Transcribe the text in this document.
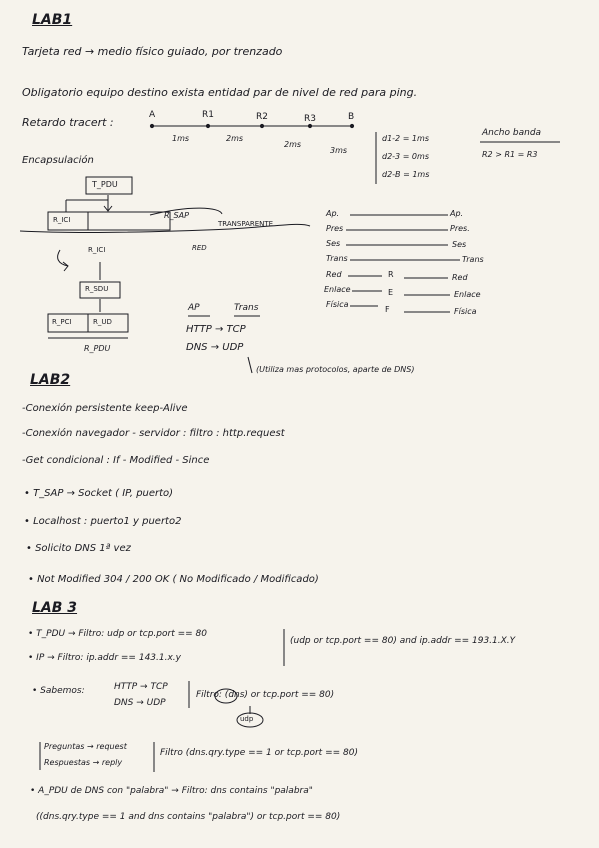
LAB1
Tarjeta red → medio físico guiado, por trenzado
Obligatorio equipo destino exista entidad par de nivel de red para ping.
Retardo tracert :
A	R1	R2	R3	B
1ms	2ms
2ms
3ms
d1-2 = 1ms
d2-3 = 0ms
d2-B = 1ms
Ancho banda
R2 > R1 = R3
Encapsulación
T_PDU
R_ICI	R_SAP
TRANSPARENTE
RED
R_ICI
R_SDU
R_PCI	R_UD
R_PDU
Ap.
Pres
Ses
Trans
Red
Enlace
Física
R
E
F
Ap.
Pres.
Ses
Trans
Red
Enlace
Física
AP	Trans
HTTP → TCP
DNS → UDP
(Utiliza mas protocolos, aparte de DNS)
LAB2
-Conexión persistente keep-Alive
-Conexión navegador - servidor : filtro : http.request
-Get condicional : If - Modified - Since
• T_SAP → Socket ( IP, puerto)
• Localhost : puerto1 y puerto2
• Solicito DNS 1ª vez
• Not Modified 304 / 200 OK ( No Modificado / Modificado)
LAB 3
• T_PDU → Filtro: udp or tcp.port == 80
• IP → Filtro: ip.addr == 143.1.x.y
(udp or tcp.port == 80) and ip.addr == 193.1.X.Y
• Sabemos:	HTTP → TCP
DNS → UDP
Filtro: (dns) or tcp.port == 80)
udp
Preguntas → request
Respuestas → reply
Filtro (dns.qry.type == 1 or tcp.port == 80)
• A_PDU de DNS con "palabra" → Filtro: dns contains "palabra"
((dns.qry.type == 1 and dns contains "palabra") or tcp.port == 80)
